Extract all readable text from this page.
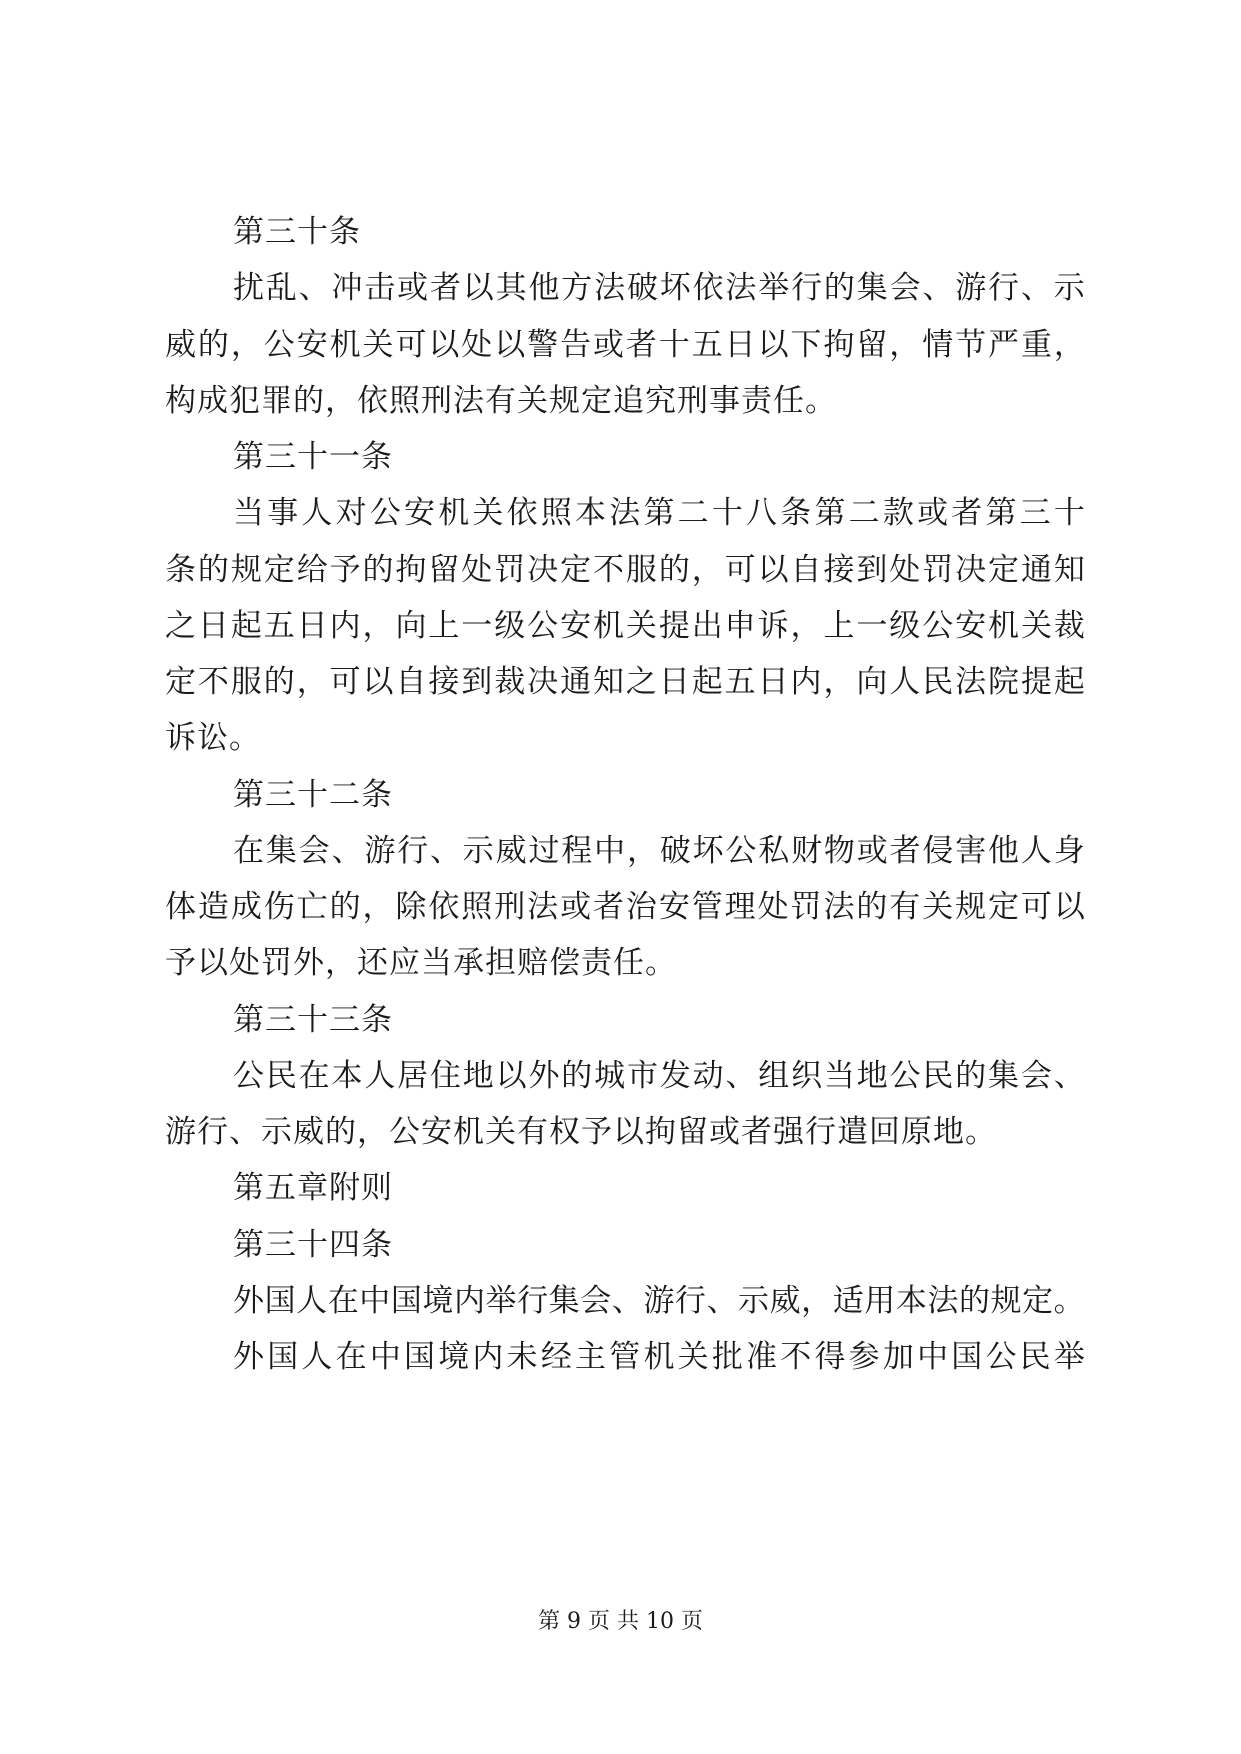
第三十条
扰 乱 、 冲 击 或 者 以 其 他 方 法 破 坏 依 法 举 行 的 集 会 、 游 行 、 示
威 的 ， 公 安 机 关 可 以 处 以 警 告 或 者 十 五 日 以 下 拘 留 ， 情 节 严 重 ，
构成犯罪的，依照刑法有关规定追究刑事责任。
第三十一条
当 事 人 对 公 安 机 关 依 照 本 法 第 二 十 八 条 第 二 款 或 者 第 三 十
条 的 规 定 给 予 的 拘 留 处 罚 决 定 不 服 的 ， 可 以 自 接 到 处 罚 决 定 通 知
之 日 起 五 日 内 ， 向 上 一 级 公 安 机 关 提 出 申 诉 ， 上 一 级 公 安 机 关 裁
定 不 服 的 ， 可 以 自 接 到 裁 决 通 知 之 日 起 五 日 内 ， 向 人 民 法 院 提 起
诉讼。
第三十二条
在 集 会 、 游 行 、 示 威 过 程 中 ， 破 坏 公 私 财 物 或 者 侵 害 他 人 身
体 造 成 伤 亡 的 ， 除 依 照 刑 法 或 者 治 安 管 理 处 罚 法 的 有 关 规 定 可 以
予以处罚外，还应当承担赔偿责任。
第三十三条
公 民 在 本 人 居 住 地 以 外 的 城 市 发 动 、 组 织 当 地 公 民 的 集 会 、
游行、示威的，公安机关有权予以拘留或者强行遣回原地。
第五章附则
第三十四条
外 国 人 在 中 国 境 内 举 行 集 会 、 游 行 、 示 威 ， 适 用 本 法 的 规 定 。
外 国 人 在 中 国 境 内 未 经 主 管 机 关 批 准 不 得 参 加 中 国 公 民 举
第 9 页 共 10 页
